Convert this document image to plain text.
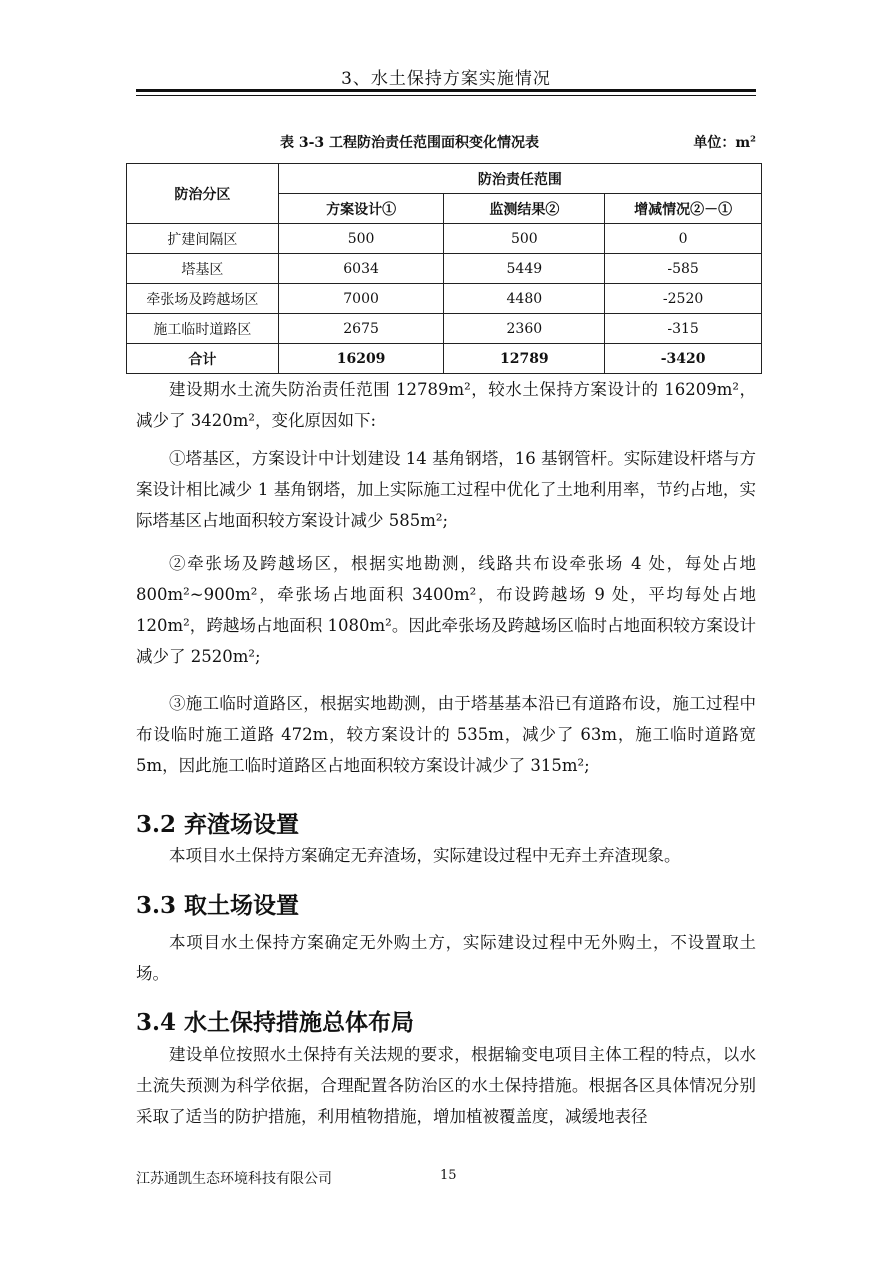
3、水土保持方案实施情况
表 3-3 工程防治责任范围面积变化情况表	单位：$m^2$
防治分区	防治责任范围		
	方案设计①	监测结果②	增减情况②－①
扩建间隔区	500	500	0
塔基区	6034	5449	-585
牵张场及跨越场区	7000	4480	-2520
施工临时道路区	2675	2360	-315
合计	16209	12789	-3420
建设期水土流失防治责任范围 12789m²，较水土保持方案设计的 16209m²，减少了 3420m²，变化原因如下:
①塔基区，方案设计中计划建设 14 基角钢塔，16 基钢管杆。实际建设杆塔与方案设计相比减少 1 基角钢塔，加上实际施工过程中优化了土地利用率，节约占地，实际塔基区占地面积较方案设计减少 585m²;
②牵张场及跨越场区，根据实地勘测，线路共布设牵张场 4 处，每处占地 800m²~900m²，牵张场占地面积 3400m²，布设跨越场 9 处，平均每处占地 120m²，跨越场占地面积 1080m²。因此牵张场及跨越场区临时占地面积较方案设计减少了 2520m²;
③施工临时道路区，根据实地勘测，由于塔基基本沿已有道路布设，施工过程中布设临时施工道路 472m，较方案设计的 535m，减少了 63m，施工临时道路宽 5m，因此施工临时道路区占地面积较方案设计减少了 315m²;
3.2 弃渣场设置
本项目水土保持方案确定无弃渣场，实际建设过程中无弃土弃渣现象。
3.3 取土场设置
本项目水土保持方案确定无外购土方，实际建设过程中无外购土，不设置取土场。
3.4 水土保持措施总体布局
建设单位按照水土保持有关法规的要求，根据输变电项目主体工程的特点，以水土流失预测为科学依据，合理配置各防治区的水土保持措施。根据各区具体情况分别采取了适当的防护措施，利用植物措施，增加植被覆盖度，减缓地表径
江苏通凯生态环境科技有限公司	15
